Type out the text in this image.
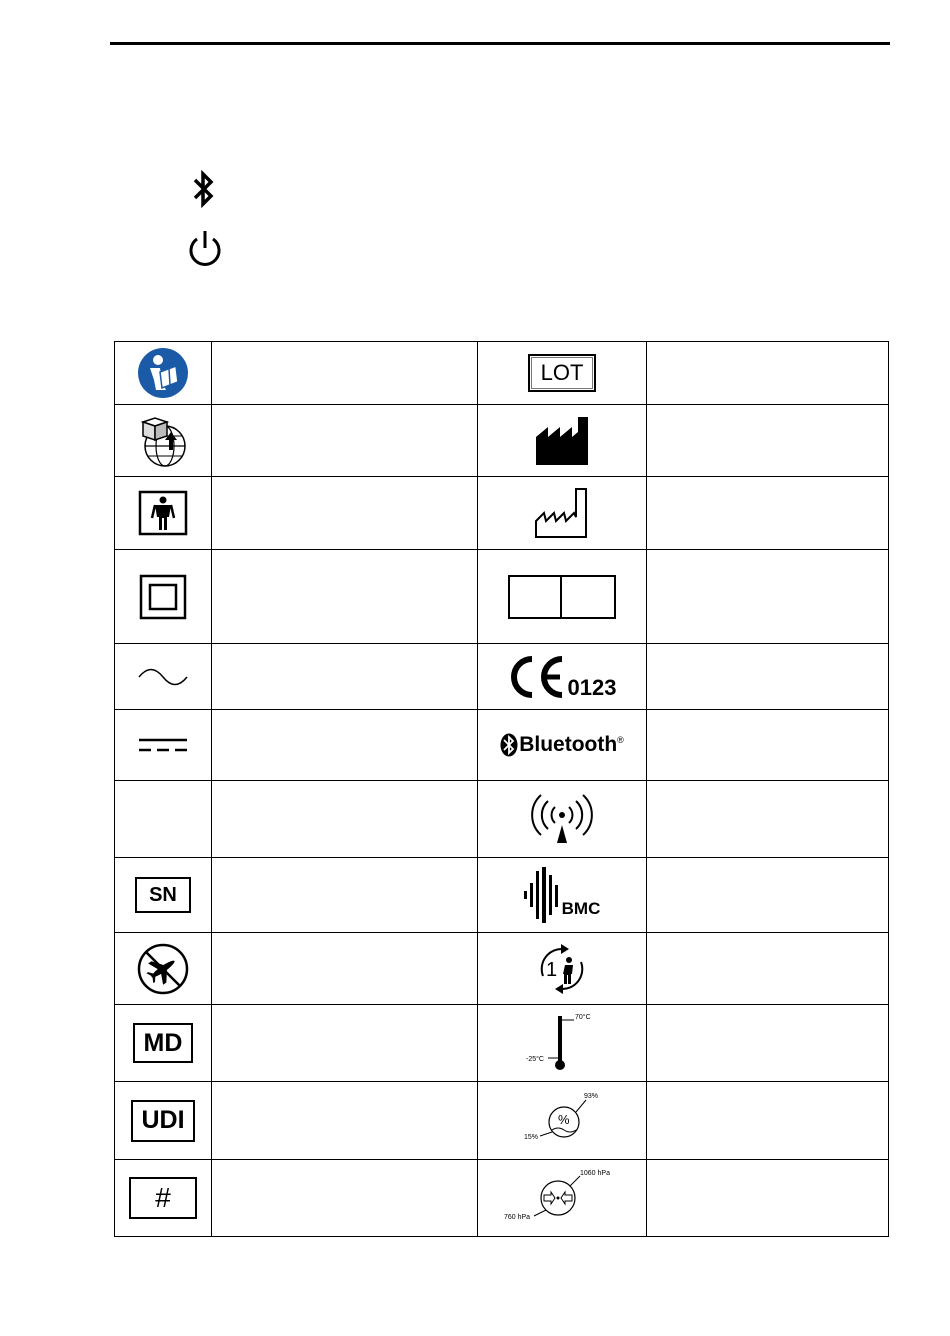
LOT	

0123	

Bluetooth ®	

SN		BMC	

1	

MD		70°C
-25°C	

UDI		%
93%
15%	

#		1060 hPa
760 hPa	
